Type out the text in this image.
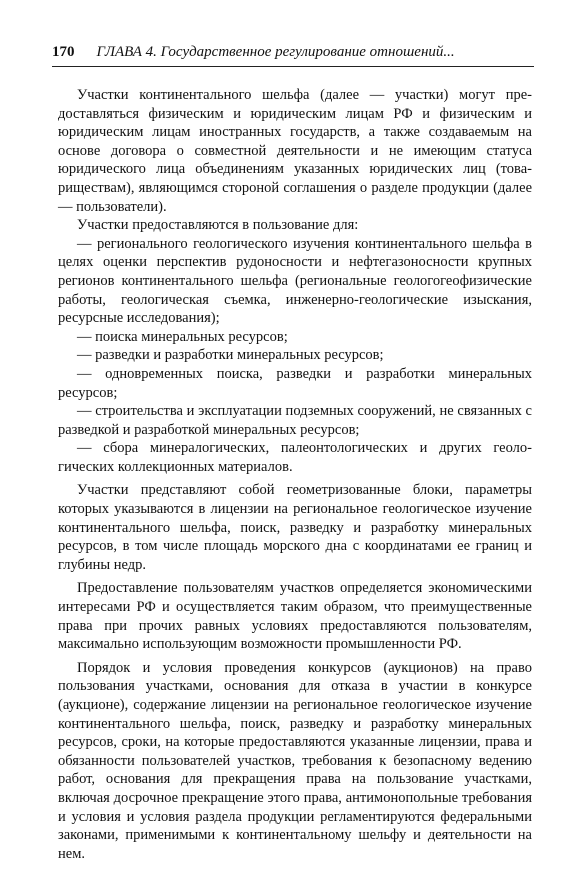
170 ГЛАВА 4. Государственное регулирование отношений...

Участки континентального шельфа (далее — участки) могут предоставляться физическим и юридическим лицам РФ и физическим и юридическим лицам иностранных государств, а также создаваемым на основе договора о совместной деятельности и не имеющим статуса юридического лица объединениям указанных юридических лиц (товариществам), являющимся стороной соглашения о разделе продукции (далее — пользователи).

Участки предоставляются в пользование для:

— регионального геологического изучения континентального шельфа в целях оценки перспектив рудоносности и нефтегазоносности крупных регионов континентального шельфа (региональные геологогеофизические работы, геологическая съемка, инженерно-геологические изыскания, ресурсные исследования);

— поиска минеральных ресурсов;

— разведки и разработки минеральных ресурсов;

— одновременных поиска, разведки и разработки минеральных ресурсов;

— строительства и эксплуатации подземных сооружений, не связанных с разведкой и разработкой минеральных ресурсов;

— сбора минералогических, палеонтологических и других геологических коллекционных материалов.

Участки представляют собой геометризованные блоки, параметры которых указываются в лицензии на региональное геологическое изучение континентального шельфа, поиск, разведку и разработку минеральных ресурсов, в том числе площадь морского дна с координатами ее границ и глубины недр.

Предоставление пользователям участков определяется экономическими интересами РФ и осуществляется таким образом, что преимущественные права при прочих равных условиях предоставляются пользователям, максимально использующим возможности промышленности РФ.

Порядок и условия проведения конкурсов (аукционов) на право пользования участками, основания для отказа в участии в конкурсе (аукционе), содержание лицензии на региональное геологическое изучение континентального шельфа, поиск, разведку и разработку минеральных ресурсов, сроки, на которые предоставляются указанные лицензии, права и обязанности пользователей участков, требования к безопасному ведению работ, основания для прекращения права на пользование участками, включая досрочное прекращение этого права, антимонопольные требования и условия и условия раздела продукции регламентируются федеральными законами, применимыми к континентальному шельфу и деятельности на нем.
